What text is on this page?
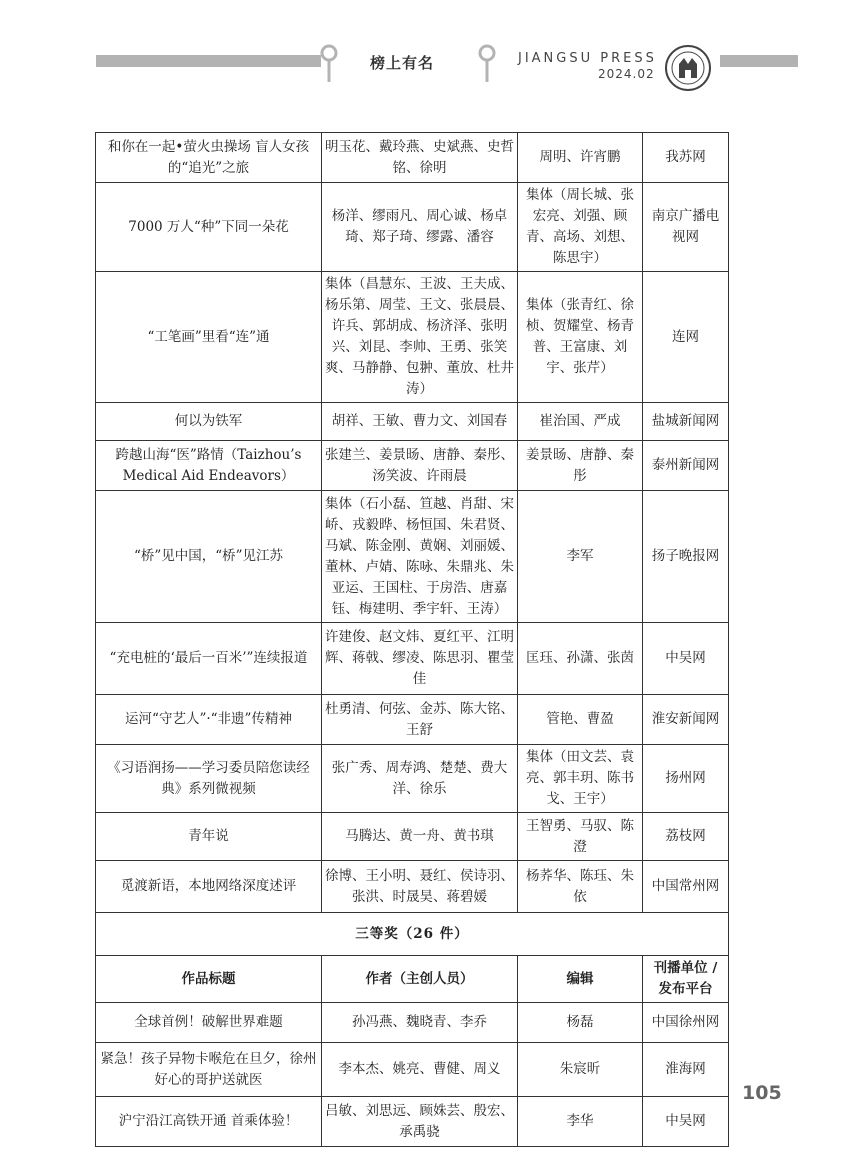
榜上有名	JIANGSU PRESS
2024.02
和你在一起•萤火虫操场 盲人女孩的“追光”之旅	明玉花、戴玲燕、史斌燕、史哲铭、徐明	周明、许宵鹏	我苏网
7000 万人“种”下同一朵花	杨洋、缪雨凡、周心诚、杨卓琦、郑子琦、缪露、潘容	集体（周长城、张宏亮、刘强、顾青、高场、刘想、陈思宇）	南京广播电视网
“工笔画”里看“连”通	集体（昌慧东、王波、王夫成、杨乐第、周莹、王文、张晨晨、许兵、郭胡成、杨济泽、张明兴、刘昆、李帅、王勇、张笑爽、马静静、包翀、董放、杜井涛）	集体（张青红、徐桢、贺耀堂、杨青普、王富康、刘宇、张芹）	连网
何以为铁军	胡祥、王敏、曹力文、刘国春	崔治国、严成	盐城新闻网
跨越山海“医”路情（Taizhou’s Medical Aid Endeavors）	张建兰、姜景旸、唐静、秦彤、汤笑波、许雨晨	姜景旸、唐静、秦彤	泰州新闻网
“桥”见中国，“桥”见江苏	集体（石小磊、笪越、肖甜、宋峤、戎毅晔、杨恒国、朱君贤、马斌、陈金刚、黄娴、刘丽媛、董林、卢婧、陈咏、朱鼎兆、朱亚运、王国柱、于房浩、唐嘉钰、梅建明、季宇轩、王涛）	李军	扬子晚报网
“充电桩的‘最后一百米’”连续报道	许建俊、赵文炜、夏红平、江明辉、蒋戟、缪凌、陈思羽、瞿莹佳	匡珏、孙潇、张茵	中吴网
运河“守艺人”·“非遗”传精神	杜勇清、何弦、金苏、陈大铭、王舒	管艳、曹盈	淮安新闻网
《习语润扬——学习委员陪您读经典》系列微视频	张广秀、周寿鸿、楚楚、费大洋、徐乐	集体（田文芸、袁亮、郭丰玥、陈书戈、王宇）	扬州网
青年说	马腾达、黄一舟、黄书琪	王智勇、马驭、陈澄	荔枝网
觅渡新语，本地网络深度述评	徐博、王小明、聂红、侯诗羽、张洪、时晟昊、蒋碧媛	杨荞华、陈珏、朱依	中国常州网
三等奖（26 件）			
作品标题	作者（主创人员）	编辑	刊播单位 / 发布平台
全球首例！破解世界难题	孙冯燕、魏晓青、李乔	杨磊	中国徐州网
紧急！孩子异物卡喉危在旦夕，徐州好心的哥护送就医	李本杰、姚亮、曹健、周义	朱宸昕	淮海网
沪宁沿江高铁开通 首乘体验！	吕敏、刘思远、顾姝芸、殷宏、承禹骁	李华	中吴网
105
